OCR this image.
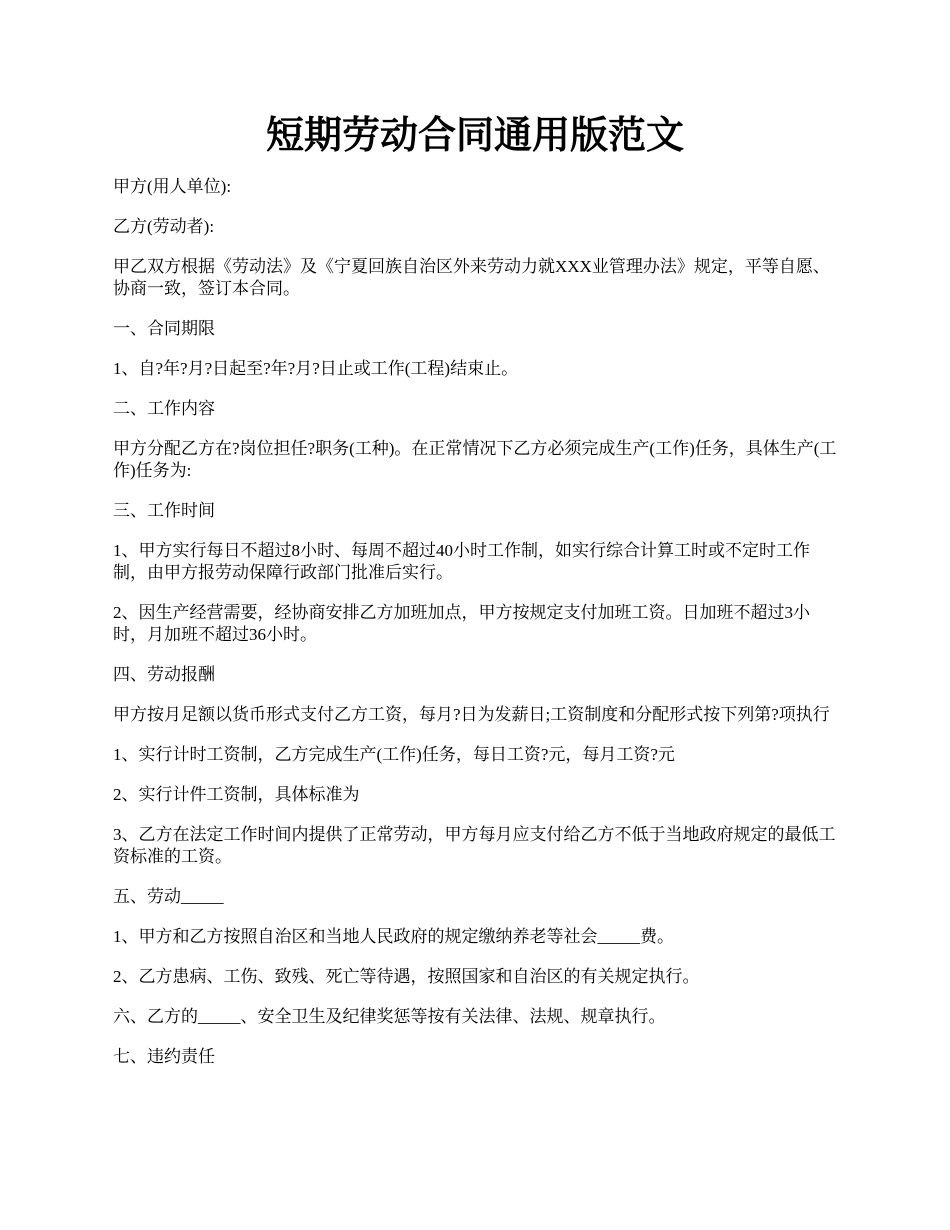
短期劳动合同通用版范文

甲方(用人单位):

乙方(劳动者):

甲乙双方根据《劳动法》及《宁夏回族自治区外来劳动力就XXX业管理办法》规定，平等自愿、协商一致，签订本合同。

一、合同期限

1、自?年?月?日起至?年?月?日止或工作(工程)结束止。

二、工作内容

甲方分配乙方在?岗位担任?职务(工种)。在正常情况下乙方必须完成生产(工作)任务，具体生产(工作)任务为:

三、工作时间

1、甲方实行每日不超过8小时、每周不超过40小时工作制，如实行综合计算工时或不定时工作制，由甲方报劳动保障行政部门批准后实行。

2、因生产经营需要，经协商安排乙方加班加点，甲方按规定支付加班工资。日加班不超过3小时，月加班不超过36小时。

四、劳动报酬

甲方按月足额以货币形式支付乙方工资，每月?日为发薪日;工资制度和分配形式按下列第?项执行

1、实行计时工资制，乙方完成生产(工作)任务，每日工资?元，每月工资?元

2、实行计件工资制，具体标准为

3、乙方在法定工作时间内提供了正常劳动，甲方每月应支付给乙方不低于当地政府规定的最低工资标准的工资。

五、劳动_____

1、甲方和乙方按照自治区和当地人民政府的规定缴纳养老等社会_____费。

2、乙方患病、工伤、致残、死亡等待遇，按照国家和自治区的有关规定执行。

六、乙方的_____、安全卫生及纪律奖惩等按有关法律、法规、规章执行。

七、违约责任
